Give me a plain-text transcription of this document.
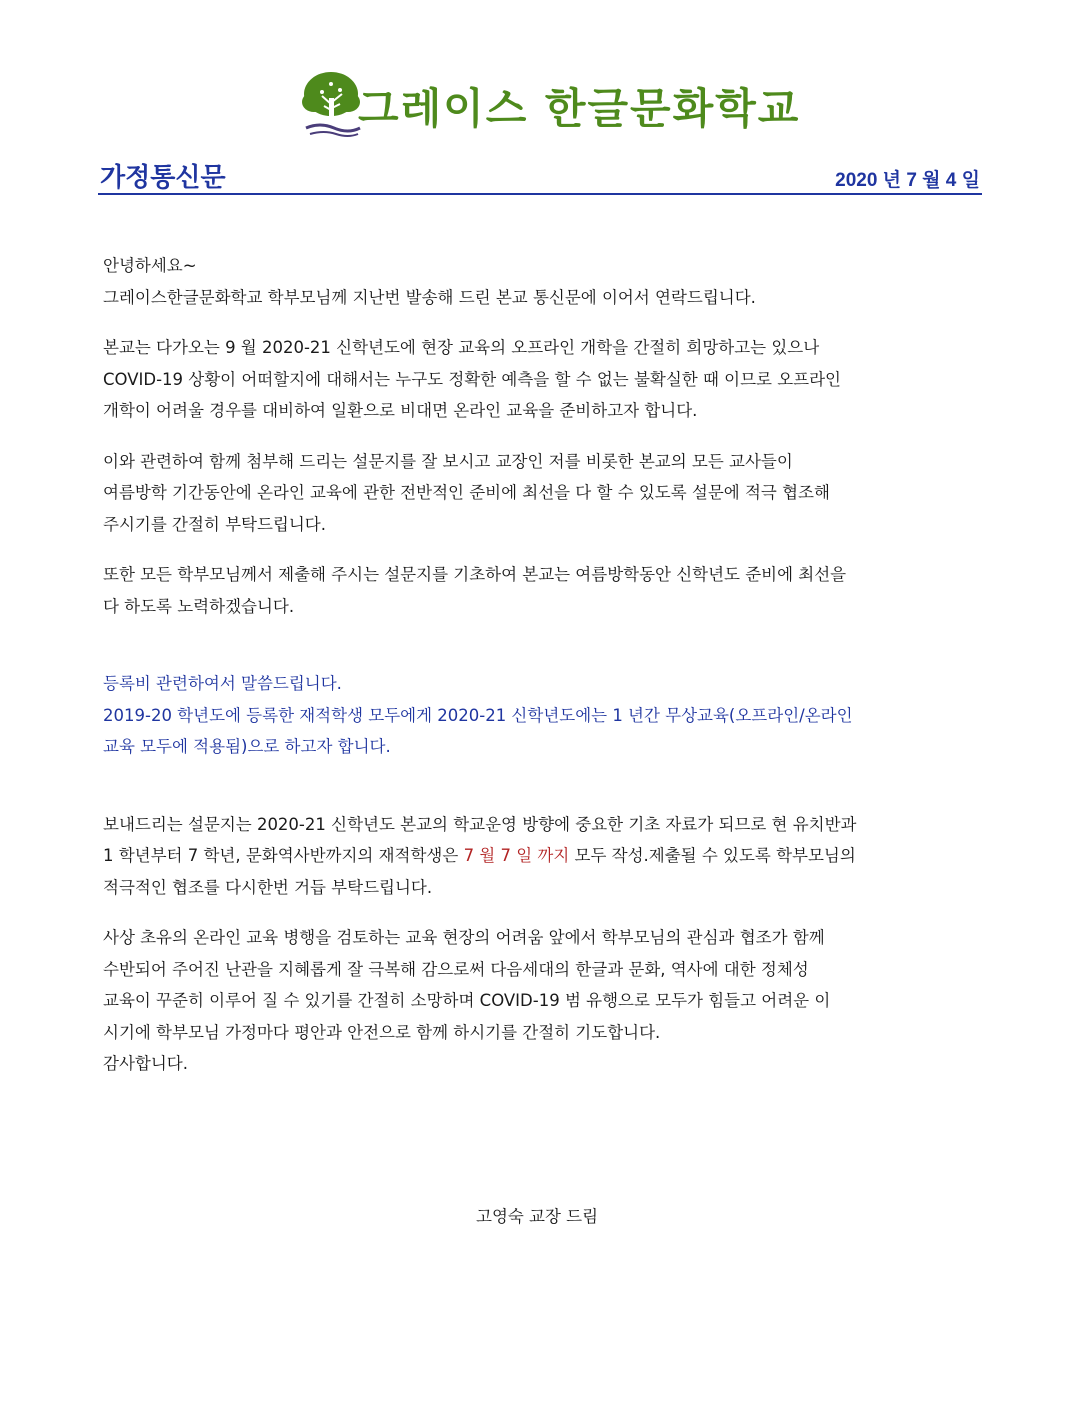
그레이스 한글문화학교
가정통신문	2020 년 7 월 4 일

안녕하세요~

그레이스한글문화학교 학부모님께 지난번 발송해 드린 본교 통신문에 이어서 연락드립니다.

본교는 다가오는 9 월 2020-21 신학년도에 현장 교육의 오프라인 개학을 간절히 희망하고는 있으나

COVID-19 상황이 어떠할지에 대해서는 누구도 정확한 예측을 할 수 없는 불확실한 때 이므로 오프라인

개학이 어려울 경우를 대비하여 일환으로 비대면 온라인 교육을 준비하고자 합니다.

이와 관련하여 함께 첨부해 드리는 설문지를 잘 보시고 교장인 저를 비롯한 본교의 모든 교사들이

여름방학 기간동안에 온라인 교육에 관한 전반적인 준비에 최선을 다 할 수 있도록 설문에 적극 협조해

주시기를 간절히 부탁드립니다.

또한 모든 학부모님께서 제출해 주시는 설문지를 기초하여 본교는 여름방학동안 신학년도 준비에 최선을

다 하도록 노력하겠습니다.

등록비 관련하여서 말씀드립니다.

2019-20 학년도에 등록한 재적학생 모두에게 2020-21 신학년도에는 1 년간 무상교육(오프라인/온라인

교육 모두에 적용됨)으로 하고자 합니다.

보내드리는 설문지는 2020-21 신학년도 본교의 학교운영 방향에 중요한 기초 자료가 되므로 현 유치반과

1 학년부터 7 학년, 문화역사반까지의 재적학생은 7 월 7 일 까지 모두 작성.제출될 수 있도록 학부모님의

적극적인 협조를 다시한번 거듭 부탁드립니다.

사상 초유의 온라인 교육 병행을 검토하는 교육 현장의 어려움 앞에서 학부모님의 관심과 협조가 함께

수반되어 주어진 난관을 지혜롭게 잘 극복해 감으로써 다음세대의 한글과 문화, 역사에 대한 정체성

교육이 꾸준히 이루어 질 수 있기를 간절히 소망하며 COVID-19 범 유행으로 모두가 힘들고 어려운 이

시기에 학부모님 가정마다 평안과 안전으로 함께 하시기를 간절히 기도합니다.

감사합니다.

고영숙 교장 드림
